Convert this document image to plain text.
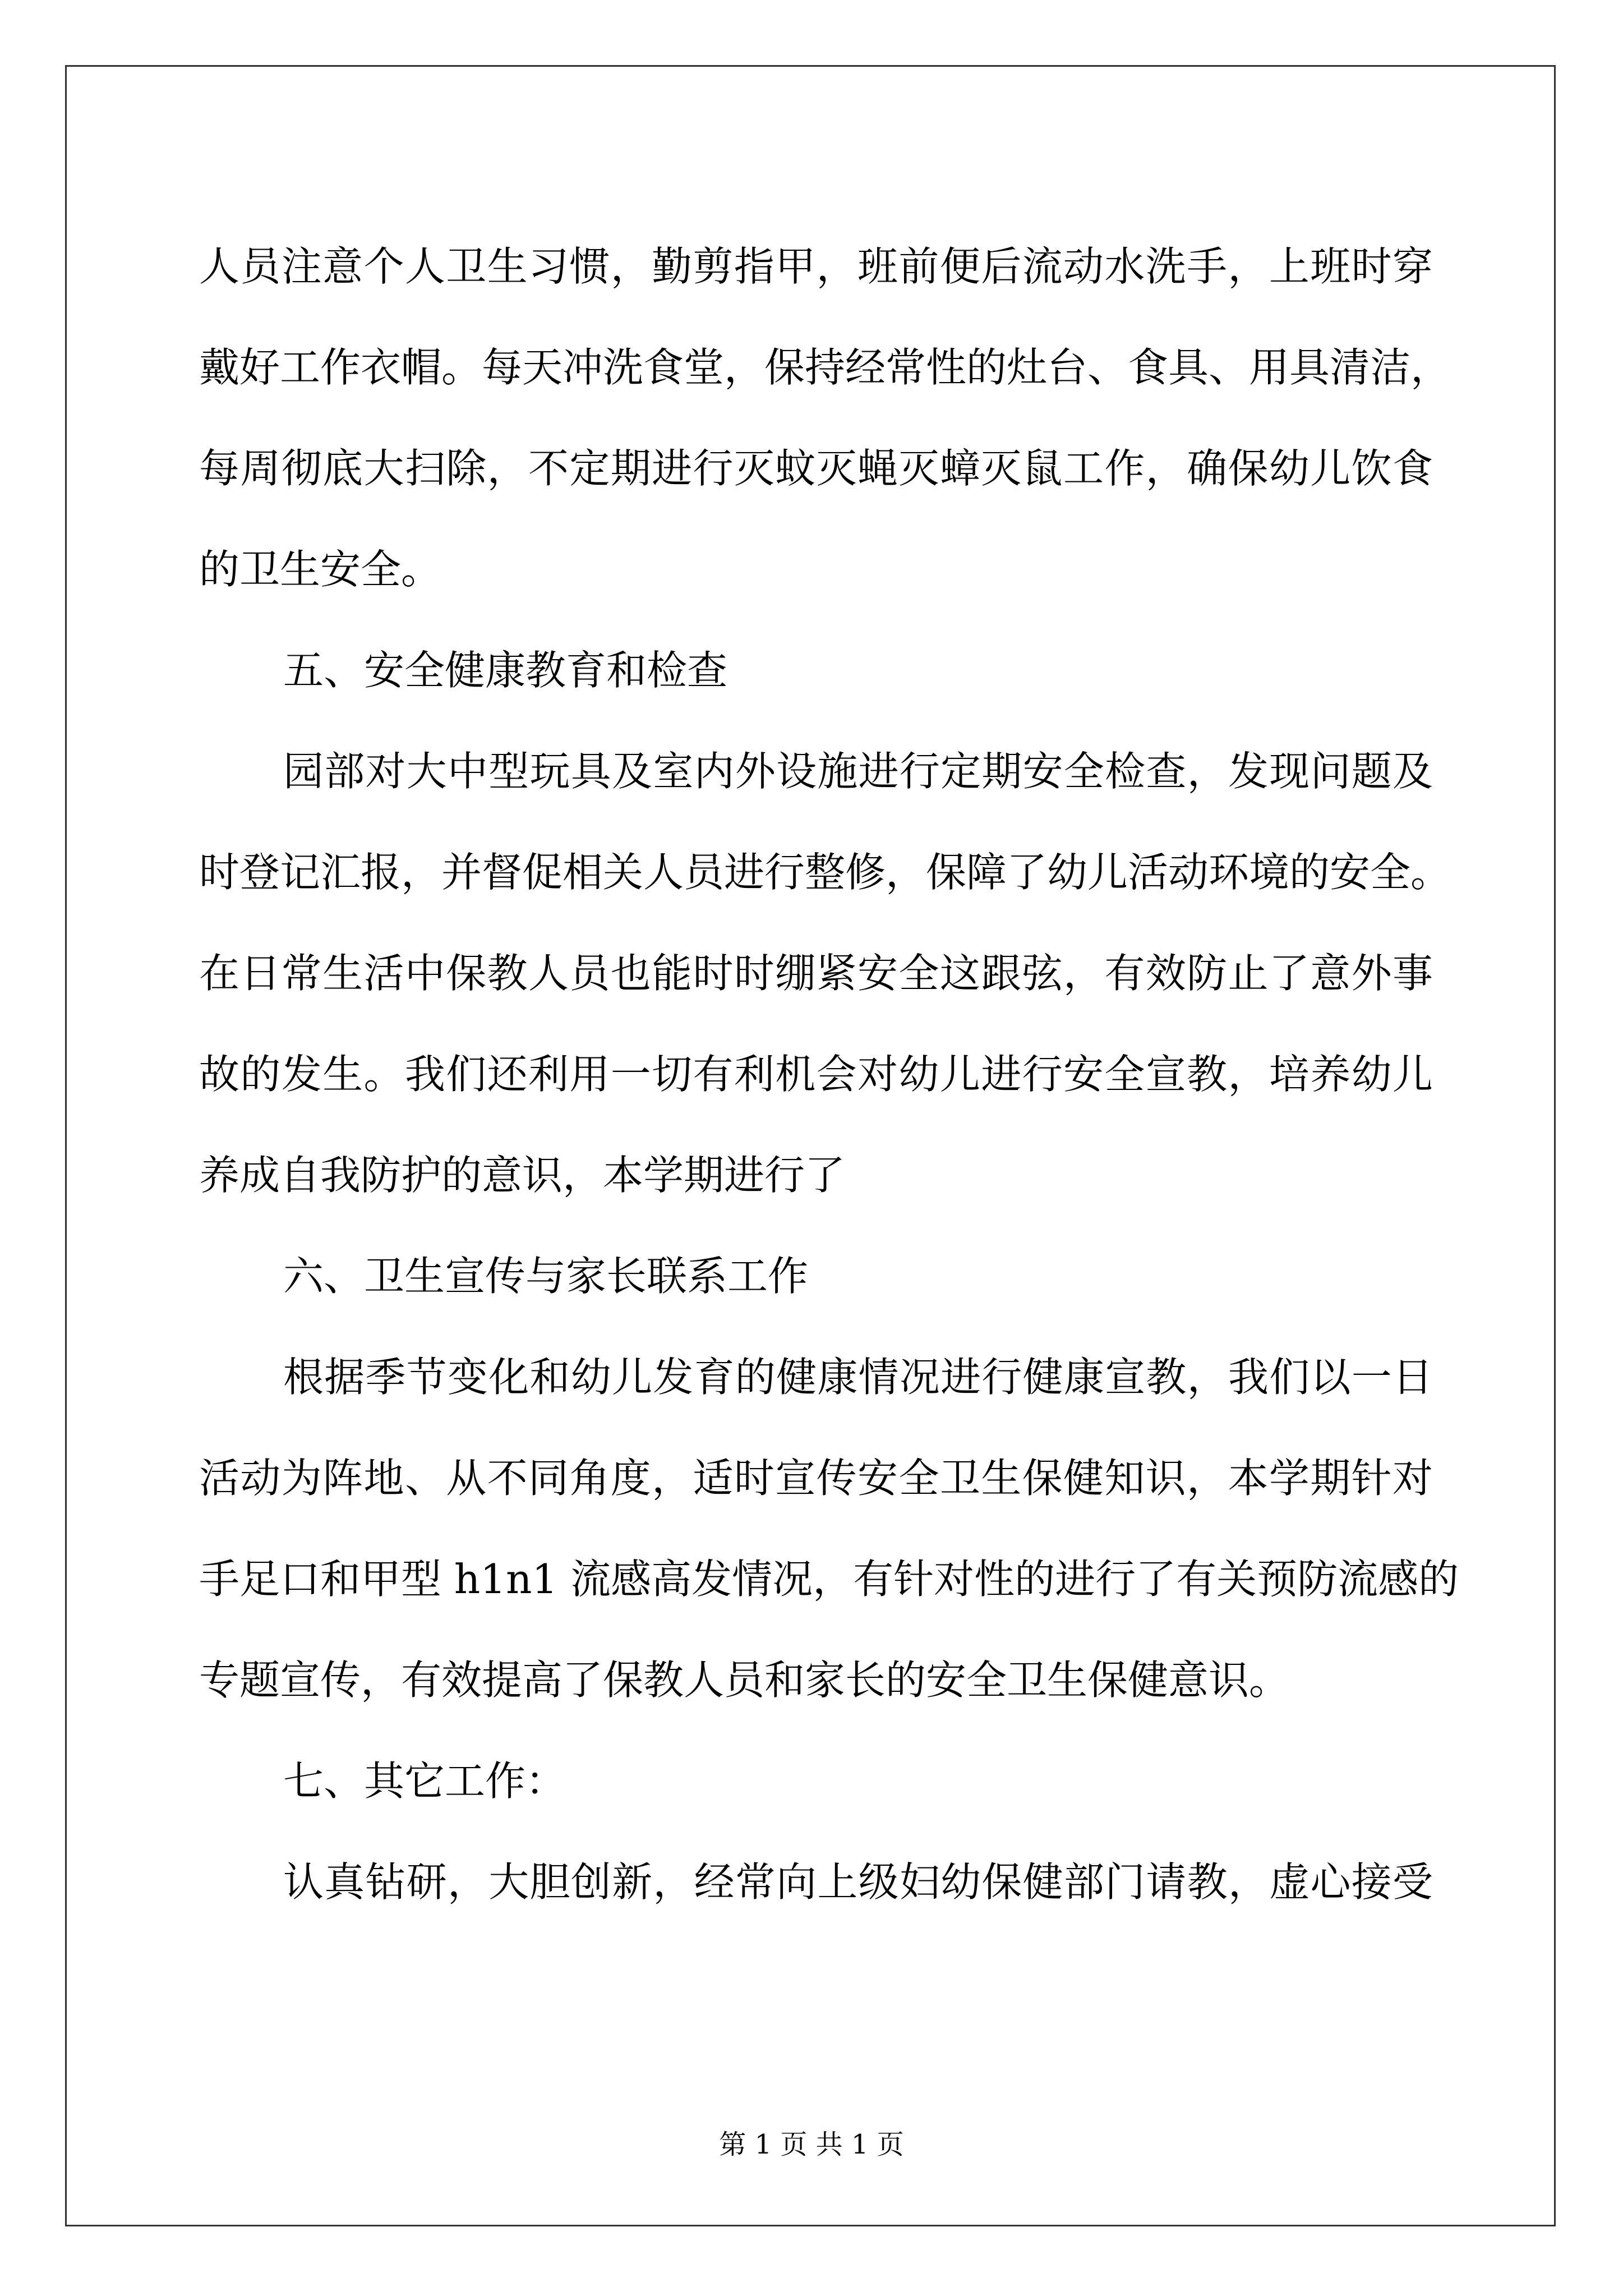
人员注意个人卫生习惯，勤剪指甲，班前便后流动水洗手，上班时穿
戴好工作衣帽。每天冲洗食堂，保持经常性的灶台、食具、用具清洁，
每周彻底大扫除，不定期进行灭蚊灭蝇灭蟑灭鼠工作，确保幼儿饮食
的卫生安全。
五、安全健康教育和检查
园部对大中型玩具及室内外设施进行定期安全检查，发现问题及
时登记汇报，并督促相关人员进行整修，保障了幼儿活动环境的安全。
在日常生活中保教人员也能时时绷紧安全这跟弦，有效防止了意外事
故的发生。我们还利用一切有利机会对幼儿进行安全宣教，培养幼儿
养成自我防护的意识，本学期进行了
六、卫生宣传与家长联系工作
根据季节变化和幼儿发育的健康情况进行健康宣教，我们以一日
活动为阵地、从不同角度，适时宣传安全卫生保健知识，本学期针对
手足口和甲型 h1n1 流感高发情况，有针对性的进行了有关预防流感的
专题宣传，有效提高了保教人员和家长的安全卫生保健意识。
七、其它工作：
认真钻研，大胆创新，经常向上级妇幼保健部门请教，虚心接受
第 1 页 共 1 页
